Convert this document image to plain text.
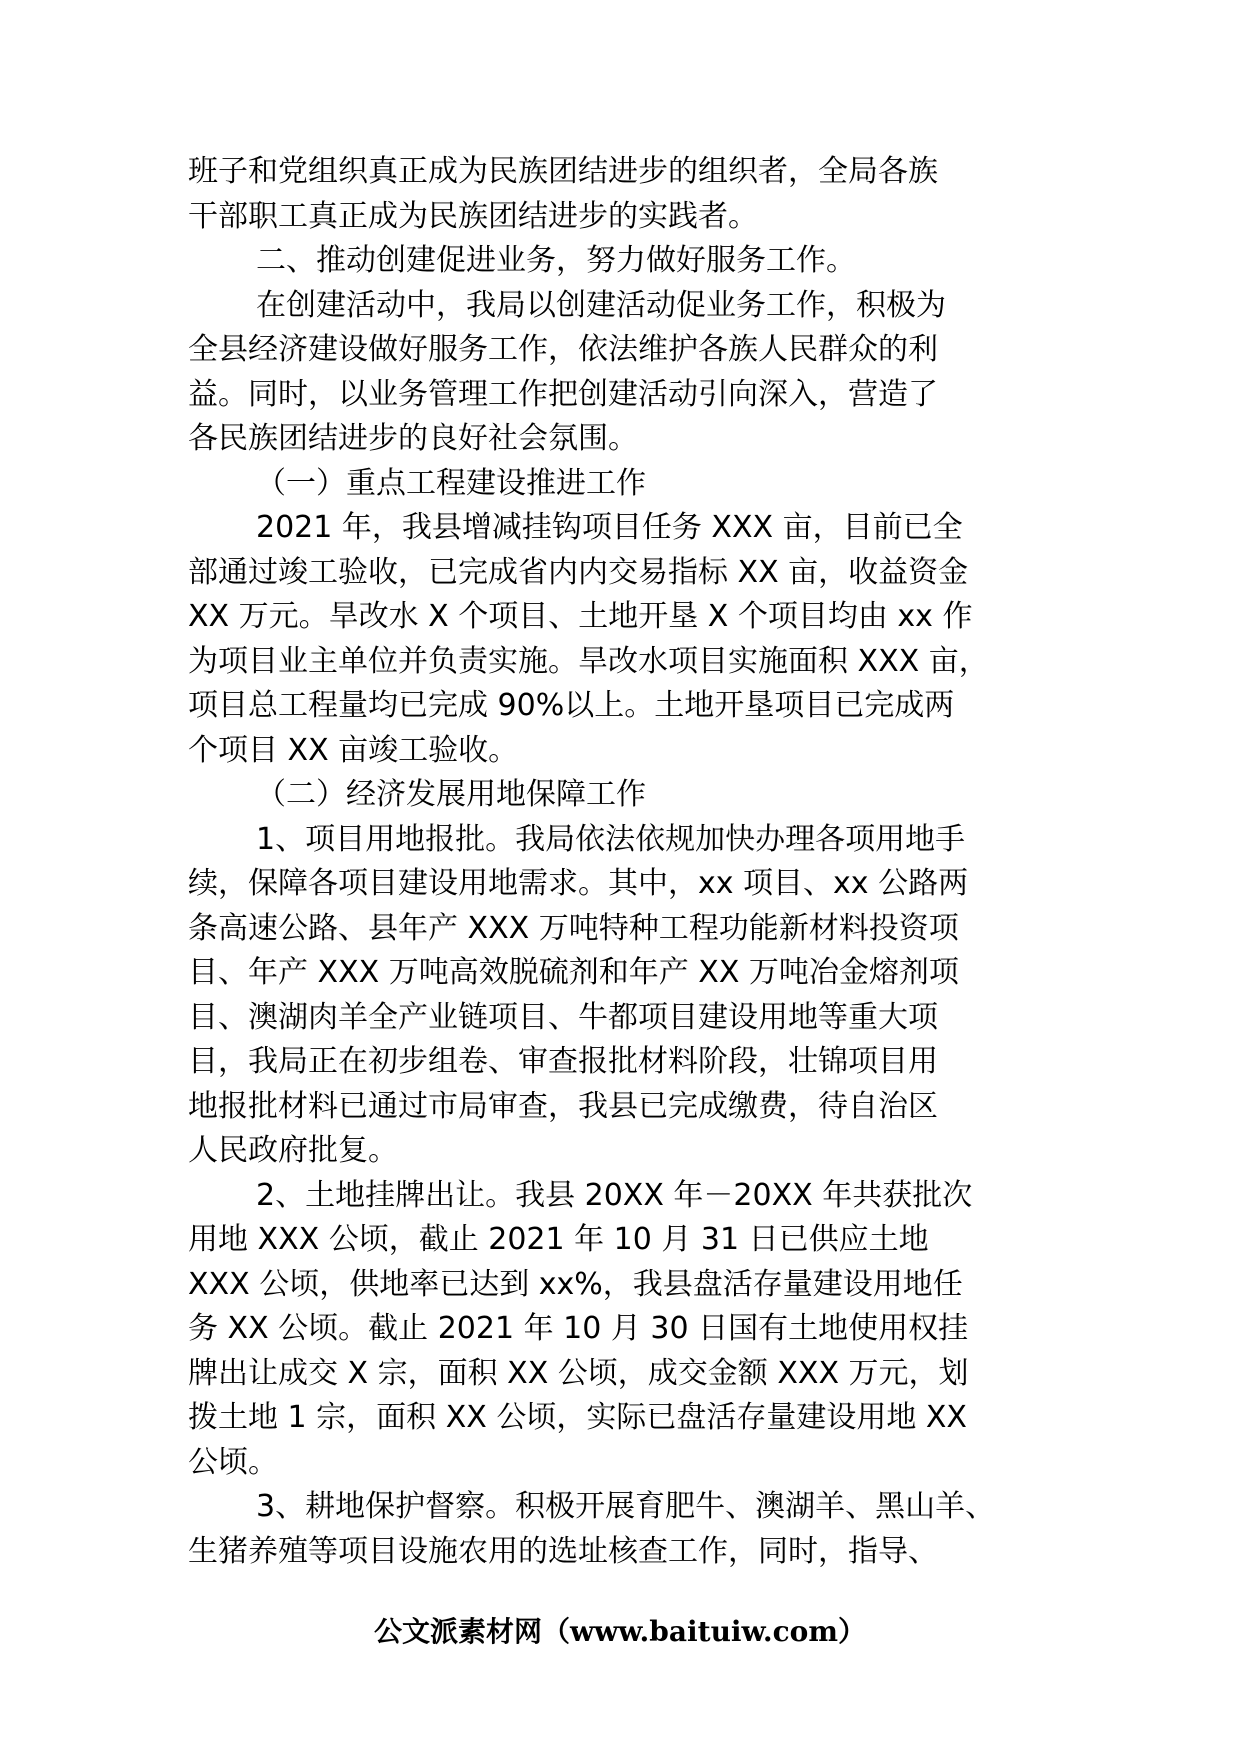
班子和党组织真正成为民族团结进步的组织者，全局各族
干部职工真正成为民族团结进步的实践者。
二、推动创建促进业务，努力做好服务工作。
在创建活动中，我局以创建活动促业务工作，积极为
全县经济建设做好服务工作，依法维护各族人民群众的利
益。同时，以业务管理工作把创建活动引向深入，营造了
各民族团结进步的良好社会氛围。
（一）重点工程建设推进工作
2021 年，我县增减挂钩项目任务 XXX 亩，目前已全
部通过竣工验收，已完成省内内交易指标 XX 亩，收益资金
XX 万元。旱改水 X 个项目、土地开垦 X 个项目均由 xx 作
为项目业主单位并负责实施。旱改水项目实施面积 XXX 亩，
项目总工程量均已完成 90%以上。土地开垦项目已完成两
个项目 XX 亩竣工验收。
（二）经济发展用地保障工作
1、项目用地报批。我局依法依规加快办理各项用地手
续，保障各项目建设用地需求。其中，xx 项目、xx 公路两
条高速公路、县年产 XXX 万吨特种工程功能新材料投资项
目、年产 XXX 万吨高效脱硫剂和年产 XX 万吨冶金熔剂项
目、澳湖肉羊全产业链项目、牛都项目建设用地等重大项
目，我局正在初步组卷、审查报批材料阶段，壮锦项目用
地报批材料已通过市局审查，我县已完成缴费，待自治区
人民政府批复。
2、土地挂牌出让。我县 20XX 年－20XX 年共获批次
用地 XXX 公顷，截止 2021 年 10 月 31 日已供应土地
XXX 公顷，供地率已达到 xx%，我县盘活存量建设用地任
务 XX 公顷。截止 2021 年 10 月 30 日国有土地使用权挂
牌出让成交 X 宗，面积 XX 公顷，成交金额 XXX 万元，划
拨土地 1 宗，面积 XX 公顷，实际已盘活存量建设用地 XX
公顷。
3、耕地保护督察。积极开展育肥牛、澳湖羊、黑山羊、
生猪养殖等项目设施农用的选址核查工作，同时，指导、
公文派素材网（www.baituiw.com）
